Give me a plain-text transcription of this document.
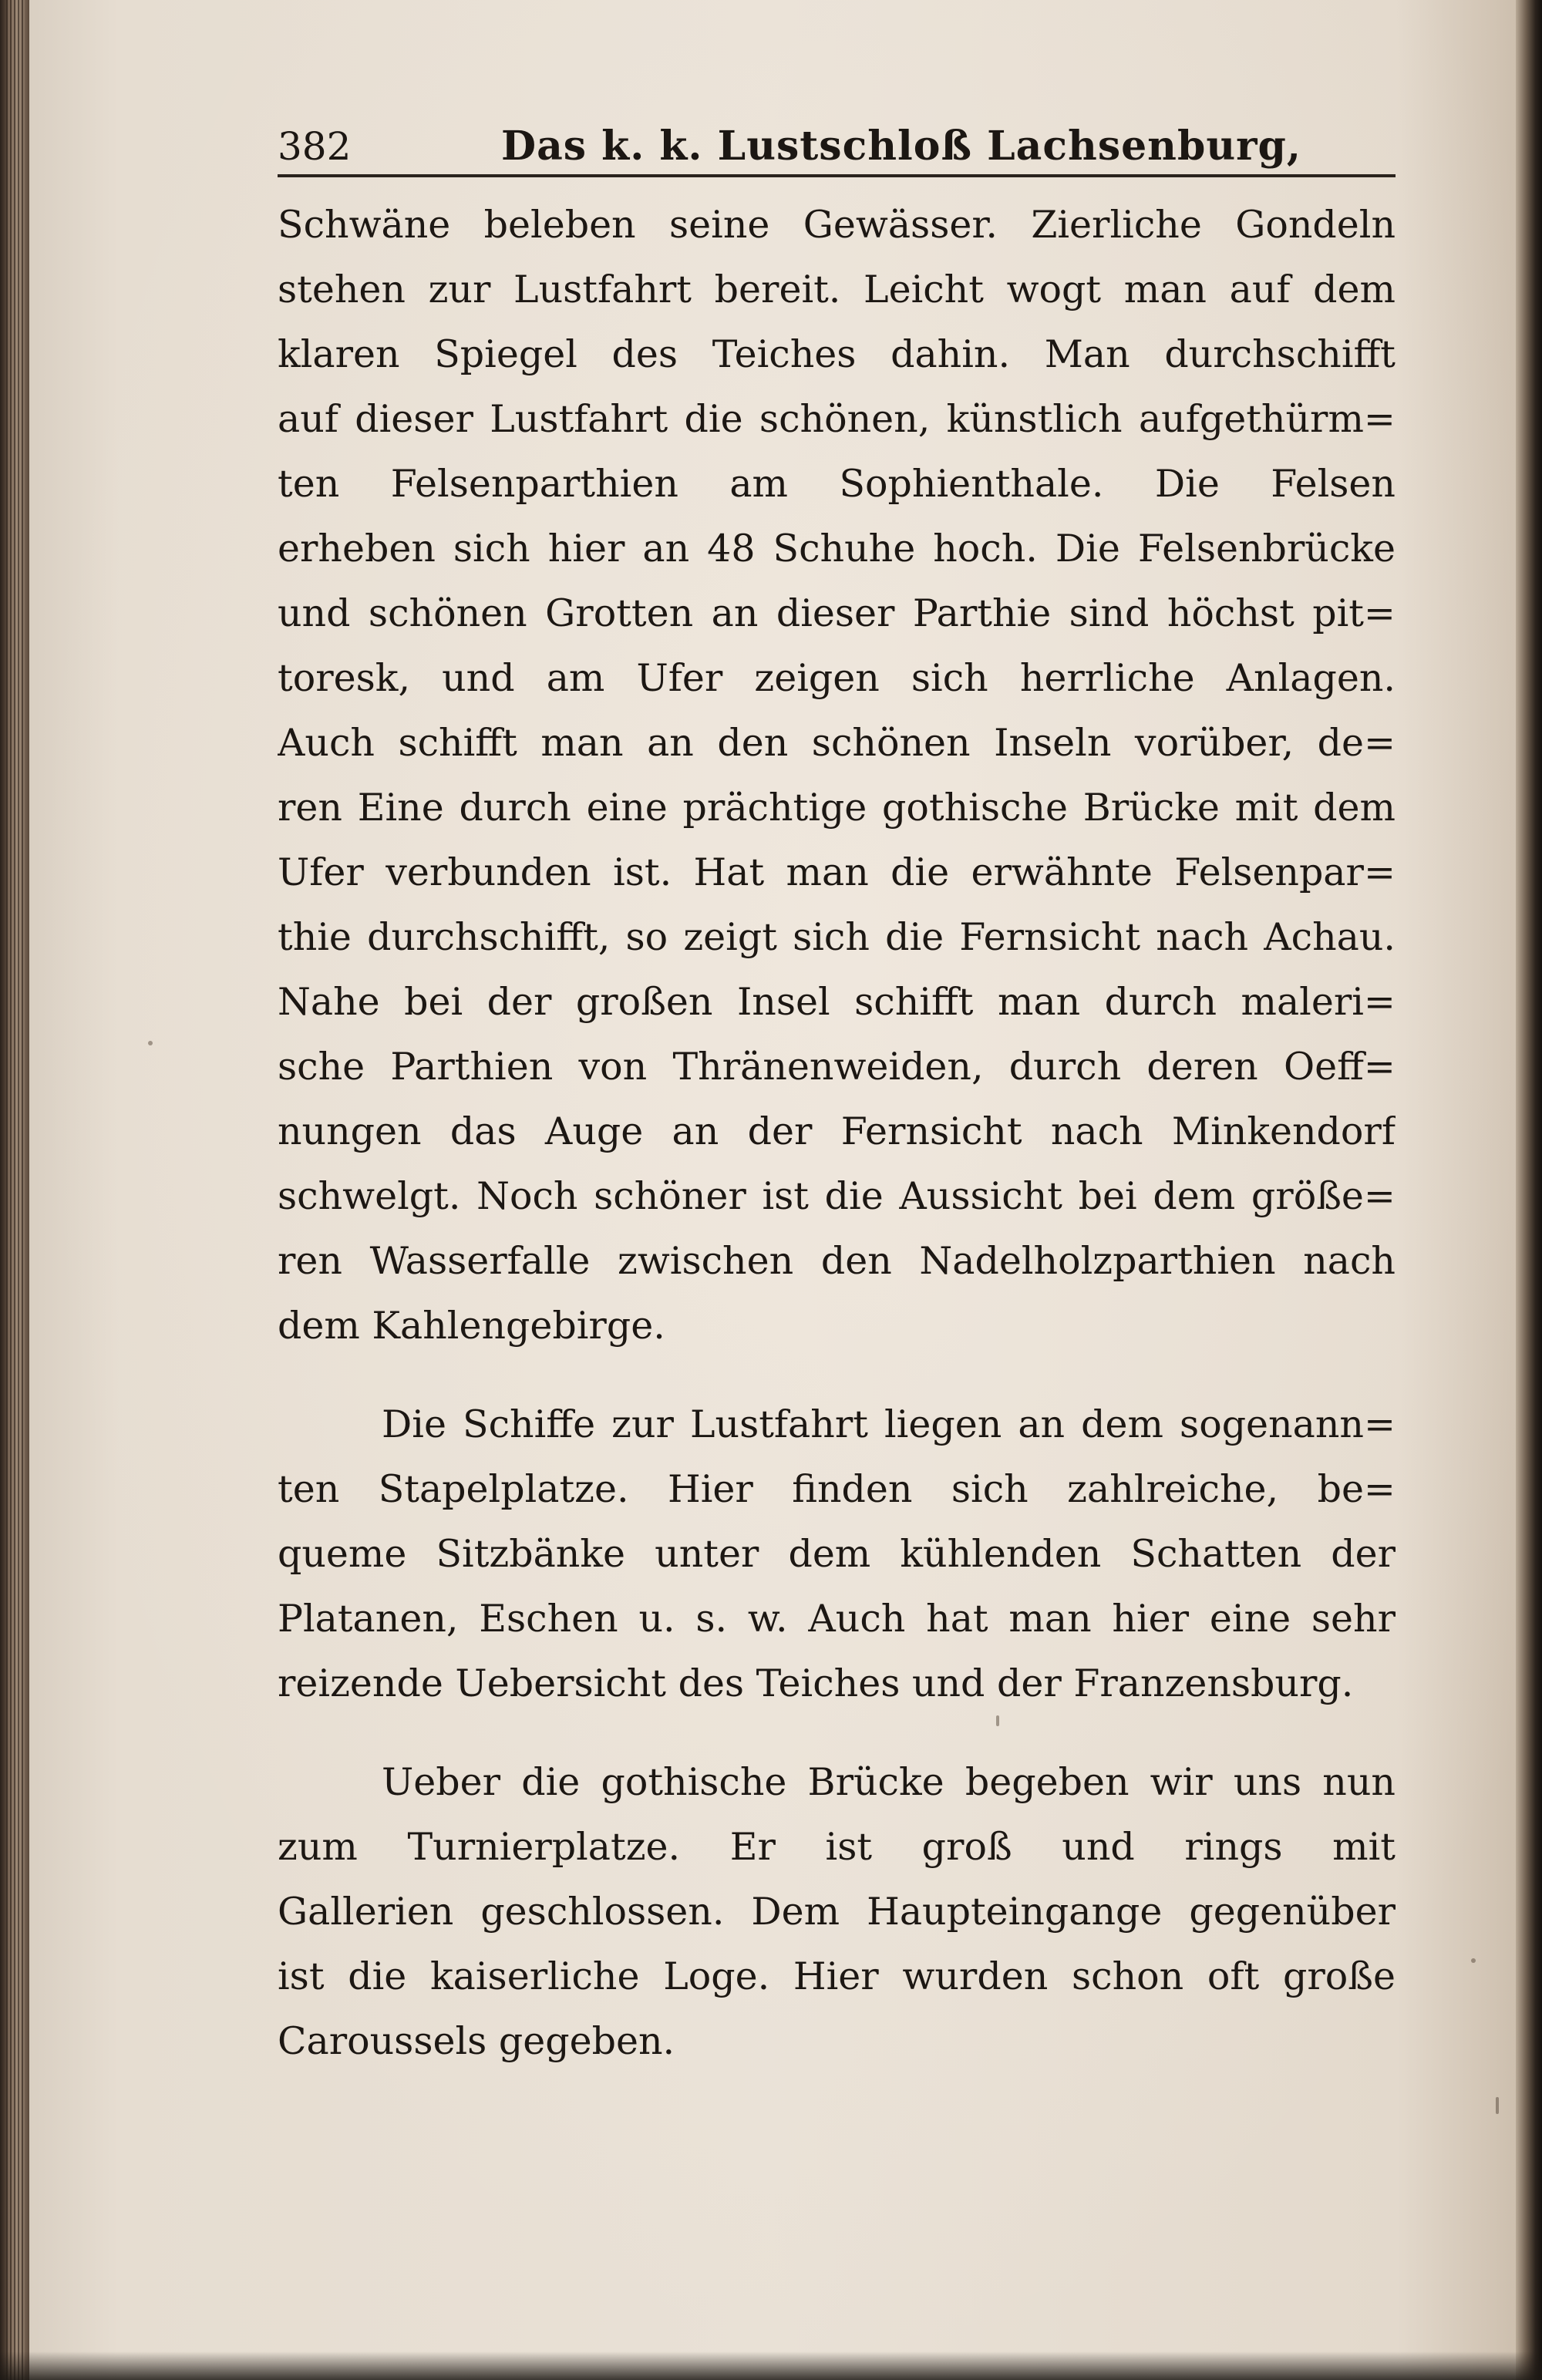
382	Das k. k. Lustschloß Lachsenburg,
Schwäne beleben seine Gewässer. Zierliche Gondeln
stehen zur Lustfahrt bereit. Leicht wogt man auf dem
klaren Spiegel des Teiches dahin. Man durchschifft
auf dieser Lustfahrt die schönen, künstlich aufgethürm=
ten Felsenparthien am Sophienthale. Die Felsen
erheben sich hier an 48 Schuhe hoch. Die Felsenbrücke
und schönen Grotten an dieser Parthie sind höchst pit=
toresk, und am Ufer zeigen sich herrliche Anlagen.
Auch schifft man an den schönen Inseln vorüber, de=
ren Eine durch eine prächtige gothische Brücke mit dem
Ufer verbunden ist. Hat man die erwähnte Felsenpar=
thie durchschifft, so zeigt sich die Fernsicht nach Achau.
Nahe bei der großen Insel schifft man durch maleri=
sche Parthien von Thränenweiden, durch deren Oeff=
nungen das Auge an der Fernsicht nach Minkendorf
schwelgt. Noch schöner ist die Aussicht bei dem größe=
ren Wasserfalle zwischen den Nadelholzparthien nach
dem Kahlengebirge.
Die Schiffe zur Lustfahrt liegen an dem sogenann=
ten Stapelplatze. Hier finden sich zahlreiche, be=
queme Sitzbänke unter dem kühlenden Schatten der
Platanen, Eschen u. s. w. Auch hat man hier eine sehr
reizende Uebersicht des Teiches und der Franzensburg.
Ueber die gothische Brücke begeben wir uns nun
zum Turnierplatze. Er ist groß und rings mit
Gallerien geschlossen. Dem Haupteingange gegenüber
ist die kaiserliche Loge. Hier wurden schon oft große
Caroussels gegeben.
